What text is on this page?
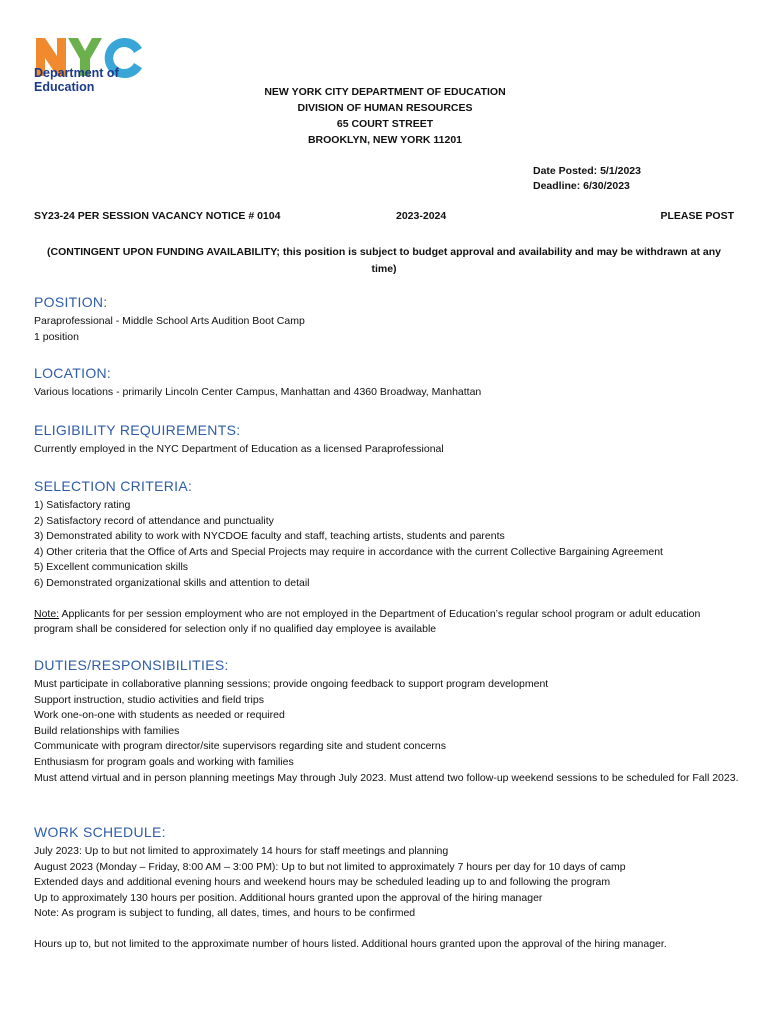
Department of
Education	NEW YORK CITY DEPARTMENT OF EDUCATION
DIVISION OF HUMAN RESOURCES
65 COURT STREET
BROOKLYN, NEW YORK 11201
Date Posted: 5/1/2023
Deadline: 6/30/2023
SY23-24 PER SESSION VACANCY NOTICE # 0104	2023-2024	PLEASE POST
(CONTINGENT UPON FUNDING AVAILABILITY; this position is subject to budget approval and availability and may be withdrawn at any time)
POSITION:

Paraprofessional - Middle School Arts Audition Boot Camp

1 position

LOCATION:

Various locations - primarily Lincoln Center Campus, Manhattan and 4360 Broadway, Manhattan

ELIGIBILITY REQUIREMENTS:

Currently employed in the NYC Department of Education as a licensed Paraprofessional

SELECTION CRITERIA:

1) Satisfactory rating

2) Satisfactory record of attendance and punctuality

3) Demonstrated ability to work with NYCDOE faculty and staff, teaching artists, students and parents

4) Other criteria that the Office of Arts and Special Projects may require in accordance with the current Collective Bargaining Agreement

5) Excellent communication skills

6) Demonstrated organizational skills and attention to detail

Note: Applicants for per session employment who are not employed in the Department of Education’s regular school program or adult education program shall be considered for selection only if no qualified day employee is available

DUTIES/RESPONSIBILITIES:

Must participate in collaborative planning sessions; provide ongoing feedback to support program development

Support instruction, studio activities and field trips

Work one-on-one with students as needed or required

Build relationships with families

Communicate with program director/site supervisors regarding site and student concerns

Enthusiasm for program goals and working with families

Must attend virtual and in person planning meetings May through July 2023. Must attend two follow-up weekend sessions to be scheduled for Fall 2023.

WORK SCHEDULE:

July 2023: Up to but not limited to approximately 14 hours for staff meetings and planning

August 2023 (Monday – Friday, 8:00 AM – 3:00 PM): Up to but not limited to approximately 7 hours per day for 10 days of camp

Extended days and additional evening hours and weekend hours may be scheduled leading up to and following the program

Up to approximately 130 hours per position. Additional hours granted upon the approval of the hiring manager

Note: As program is subject to funding, all dates, times, and hours to be confirmed

Hours up to, but not limited to the approximate number of hours listed. Additional hours granted upon the approval of the hiring manager.
